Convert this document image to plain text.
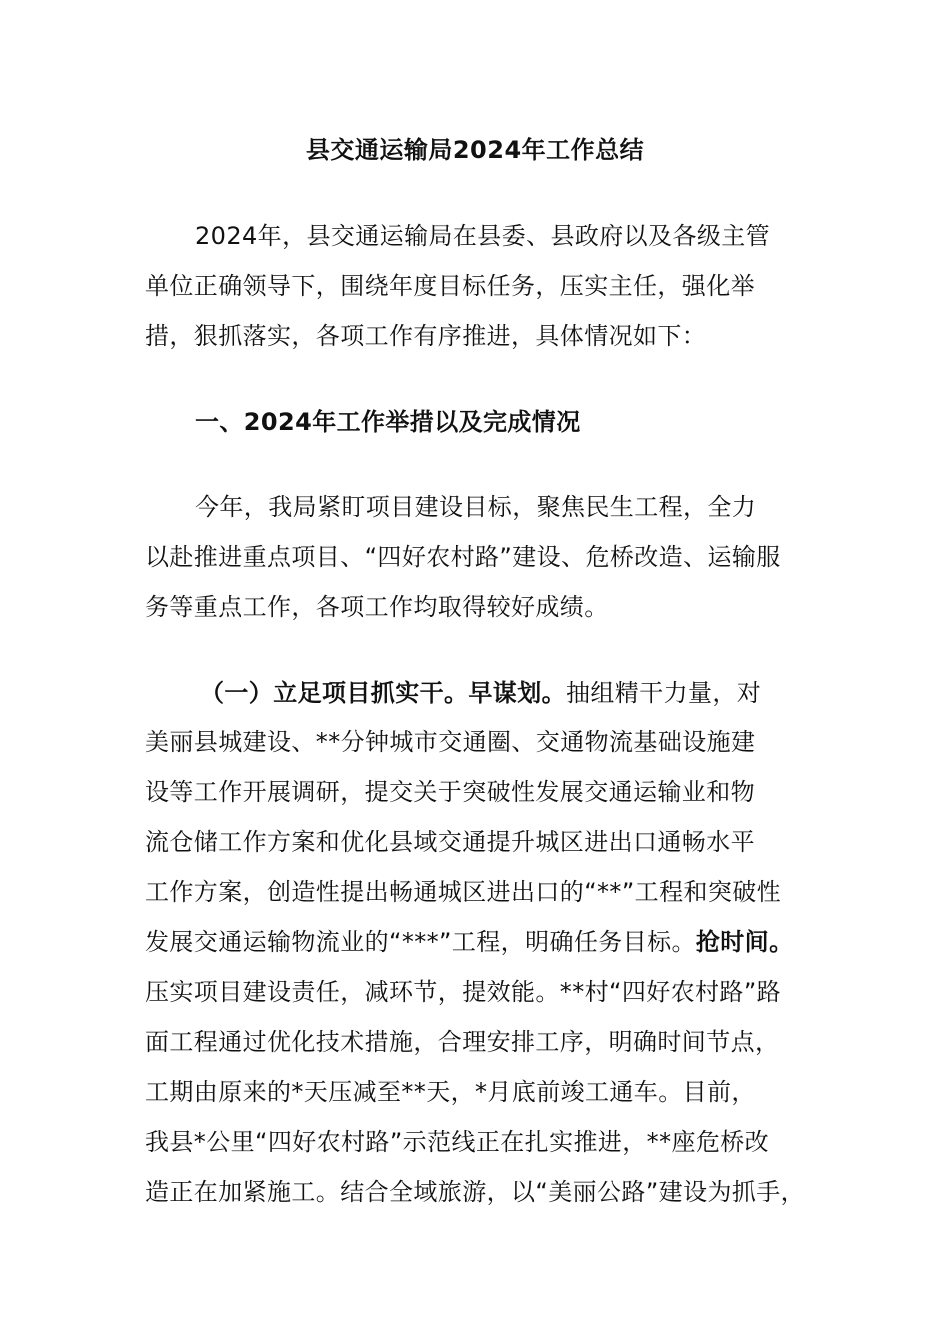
县交通运输局2024年工作总结
2024年，县交通运输局在县委、县政府以及各级主管
单位正确领导下，围绕年度目标任务，压实主任，强化举
措，狠抓落实，各项工作有序推进，具体情况如下：
一、2024年工作举措以及完成情况
今年，我局紧盯项目建设目标，聚焦民生工程，全力
以赴推进重点项目、“四好农村路”建设、危桥改造、运输服
务等重点工作，各项工作均取得较好成绩。
（一）立足项目抓实干。早谋划。抽组精干力量，对
美丽县城建设、**分钟城市交通圈、交通物流基础设施建
设等工作开展调研，提交关于突破性发展交通运输业和物
流仓储工作方案和优化县域交通提升城区进出口通畅水平
工作方案，创造性提出畅通城区进出口的“**”工程和突破性
发展交通运输物流业的“***”工程，明确任务目标。抢时间。
压实项目建设责任，减环节，提效能。**村“四好农村路”路
面工程通过优化技术措施，合理安排工序，明确时间节点，
工期由原来的*天压减至**天，*月底前竣工通车。目前，
我县*公里“四好农村路”示范线正在扎实推进，**座危桥改
造正在加紧施工。结合全域旅游，以“美丽公路”建设为抓手，
